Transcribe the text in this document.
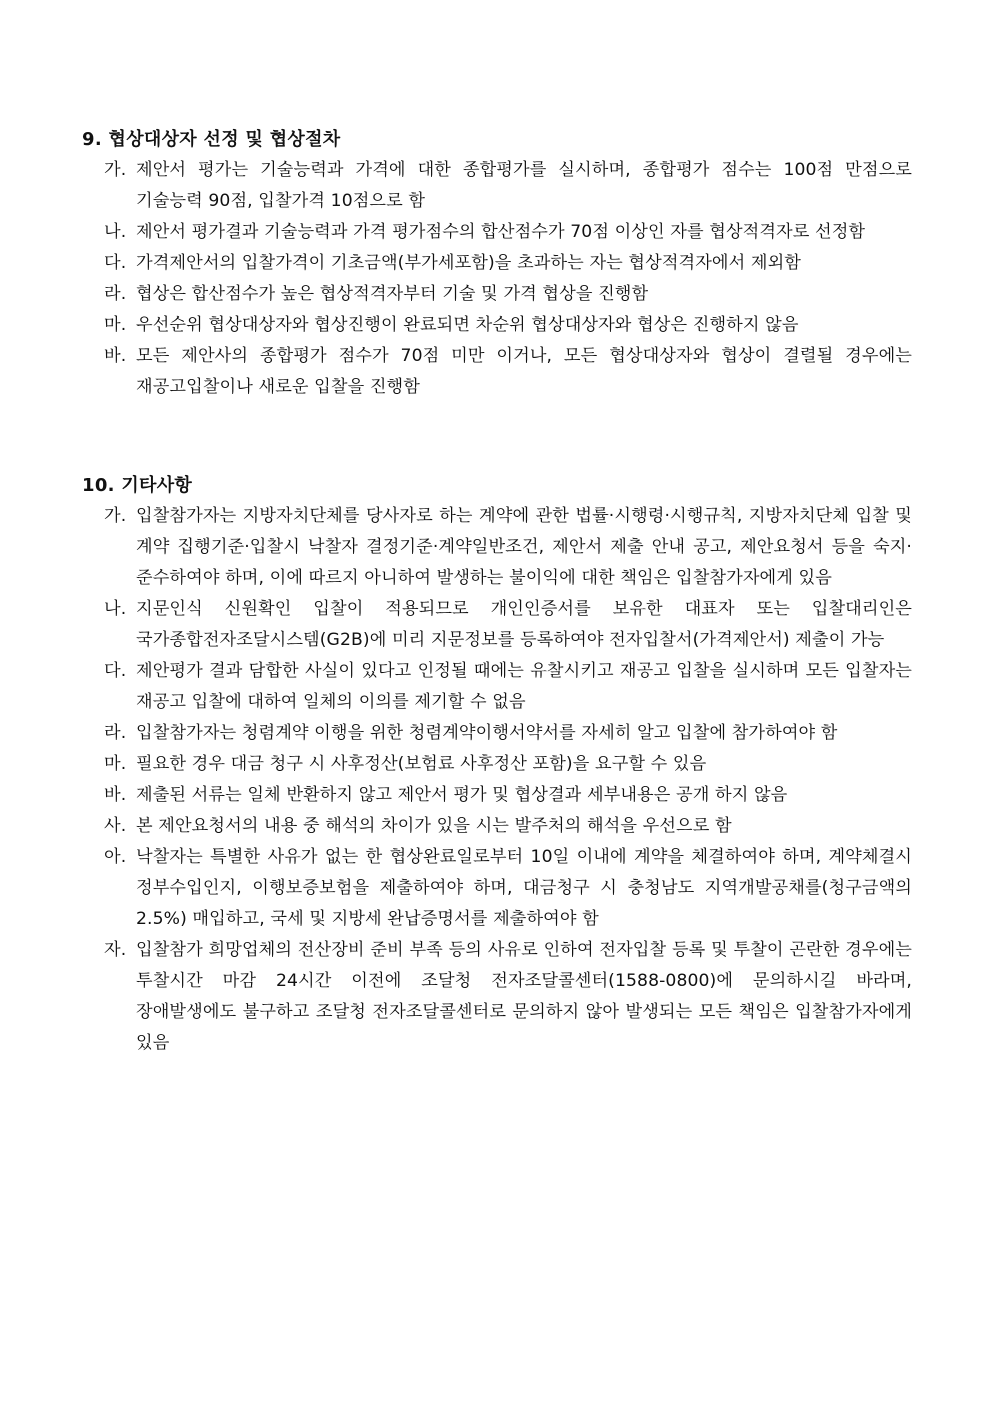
9. 협상대상자 선정 및 협상절차
가. 제안서 평가는 기술능력과 가격에 대한 종합평가를 실시하며, 종합평가 점수는 100점 만점으로 기술능력 90점, 입찰가격 10점으로 함
나. 제안서 평가결과 기술능력과 가격 평가점수의 합산점수가 70점 이상인 자를 협상적격자로 선정함
다. 가격제안서의 입찰가격이 기초금액(부가세포함)을 초과하는 자는 협상적격자에서 제외함
라. 협상은 합산점수가 높은 협상적격자부터 기술 및 가격 협상을 진행함
마. 우선순위 협상대상자와 협상진행이 완료되면 차순위 협상대상자와 협상은 진행하지 않음
바. 모든 제안사의 종합평가 점수가 70점 미만 이거나, 모든 협상대상자와 협상이 결렬될 경우에는 재공고입찰이나 새로운 입찰을 진행함
10. 기타사항
가. 입찰참가자는 지방자치단체를 당사자로 하는 계약에 관한 법률·시행령·시행규칙, 지방자치단체 입찰 및 계약 집행기준·입찰시 낙찰자 결정기준·계약일반조건, 제안서 제출 안내 공고, 제안요청서 등을 숙지·준수하여야 하며, 이에 따르지 아니하여 발생하는 불이익에 대한 책임은 입찰참가자에게 있음
나. 지문인식 신원확인 입찰이 적용되므로 개인인증서를 보유한 대표자 또는 입찰대리인은 국가종합전자조달시스템(G2B)에 미리 지문정보를 등록하여야 전자입찰서(가격제안서) 제출이 가능
다. 제안평가 결과 담합한 사실이 있다고 인정될 때에는 유찰시키고 재공고 입찰을 실시하며 모든 입찰자는 재공고 입찰에 대하여 일체의 이의를 제기할 수 없음
라. 입찰참가자는 청렴계약 이행을 위한 청렴계약이행서약서를 자세히 알고 입찰에 참가하여야 함
마. 필요한 경우 대금 청구 시 사후정산(보험료 사후정산 포함)을 요구할 수 있음
바. 제출된 서류는 일체 반환하지 않고 제안서 평가 및 협상결과 세부내용은 공개 하지 않음
사. 본 제안요청서의 내용 중 해석의 차이가 있을 시는 발주처의 해석을 우선으로 함
아. 낙찰자는 특별한 사유가 없는 한 협상완료일로부터 10일 이내에 계약을 체결하여야 하며, 계약체결시 정부수입인지, 이행보증보험을 제출하여야 하며, 대금청구 시 충청남도 지역개발공채를(청구금액의 2.5%) 매입하고, 국세 및 지방세 완납증명서를 제출하여야 함
자. 입찰참가 희망업체의 전산장비 준비 부족 등의 사유로 인하여 전자입찰 등록 및 투찰이 곤란한 경우에는 투찰시간 마감 24시간 이전에 조달청 전자조달콜센터(1588-0800)에 문의하시길 바라며, 장애발생에도 불구하고 조달청 전자조달콜센터로 문의하지 않아 발생되는 모든 책임은 입찰참가자에게 있음
